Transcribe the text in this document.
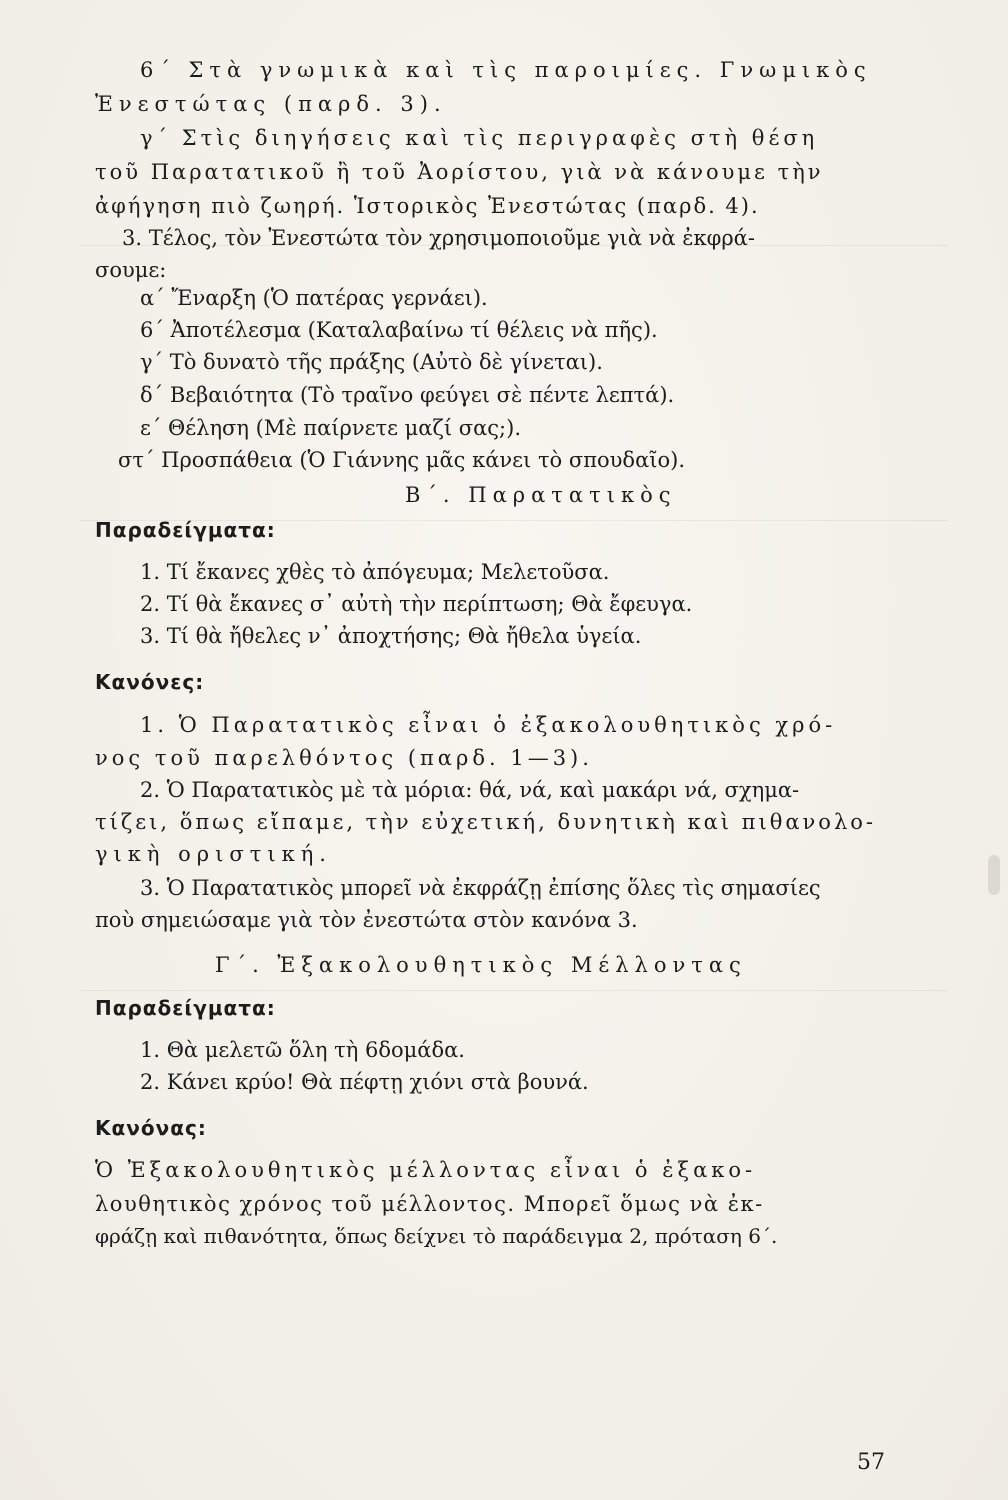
6΄ Στὰ γνωμικὰ καὶ τὶς παροιμίες. Γνωμικὸς
Ἐνεστώτας (παρδ. 3).
γ΄ Στὶς διηγήσεις καὶ τὶς περιγραφὲς στὴ θέση
τοῦ Παρατατικοῦ ἢ τοῦ Ἀορίστου, γιὰ νὰ κάνουμε τὴν
ἀφήγηση πιὸ ζωηρή. Ἱστορικὸς Ἐνεστώτας (παρδ. 4).
3. Τέλος, τὸν Ἐνεστώτα τὸν χρησιμοποιοῦμε γιὰ νὰ ἐκφρά-
σουμε:
α΄ Ἔναρξη (Ὁ πατέρας γερνάει).
6΄ Ἀποτέλεσμα (Καταλαβαίνω τί θέλεις νὰ πῆς).
γ΄ Τὸ δυνατὸ τῆς πράξης (Αὐτὸ δὲ γίνεται).
δ΄ Βεβαιότητα (Τὸ τραῖνο φεύγει σὲ πέντε λεπτά).
ε΄ Θέληση (Μὲ παίρνετε μαζί σας;).
στ΄ Προσπάθεια (Ὁ Γιάννης μᾶς κάνει τὸ σπουδαῖο).
Β΄. Παρατατικὸς
Παραδείγματα:
1. Τί ἔκανες χθὲς τὸ ἀπόγευμα; Μελετοῦσα.
2. Τί θὰ ἔκανες σ᾿ αὐτὴ τὴν περίπτωση; Θὰ ἔφευγα.
3. Τί θὰ ἤθελες ν᾿ ἀποχτήσης; Θὰ ἤθελα ὑγεία.
Κανόνες:
1. Ὁ Παρατατικὸς εἶναι ὁ ἐξακολουθητικὸς χρό-
νος τοῦ παρελθόντος (παρδ. 1—3).
2. Ὁ Παρατατικὸς μὲ τὰ μόρια: θά, νά, καὶ μακάρι νά, σχημα-
τίζει, ὅπως εἴπαμε, τὴν εὐχετική, δυνητικὴ καὶ πιθανολο-
γικὴ οριστική.
3. Ὁ Παρατατικὸς μπορεῖ νὰ ἐκφράζῃ ἐπίσης ὅλες τὶς σημασίες
ποὺ σημειώσαμε γιὰ τὸν ἐνεστώτα στὸν κανόνα 3.
Γ΄. Ἐξακολουθητικὸς Μέλλοντας
Παραδείγματα:
1. Θὰ μελετῶ ὅλη τὴ 6δομάδα.
2. Κάνει κρύο! Θὰ πέφτῃ χιόνι στὰ βουνά.
Κανόνας:
Ὁ Ἐξακολουθητικὸς μέλλοντας εἶναι ὁ ἐξακο-
λουθητικὸς χρόνος τοῦ μέλλοντος. Μπορεῖ ὅμως νὰ ἐκ-
φράζῃ καὶ πιθανότητα, ὅπως δείχνει τὸ παράδειγμα 2, πρόταση 6΄.
57
